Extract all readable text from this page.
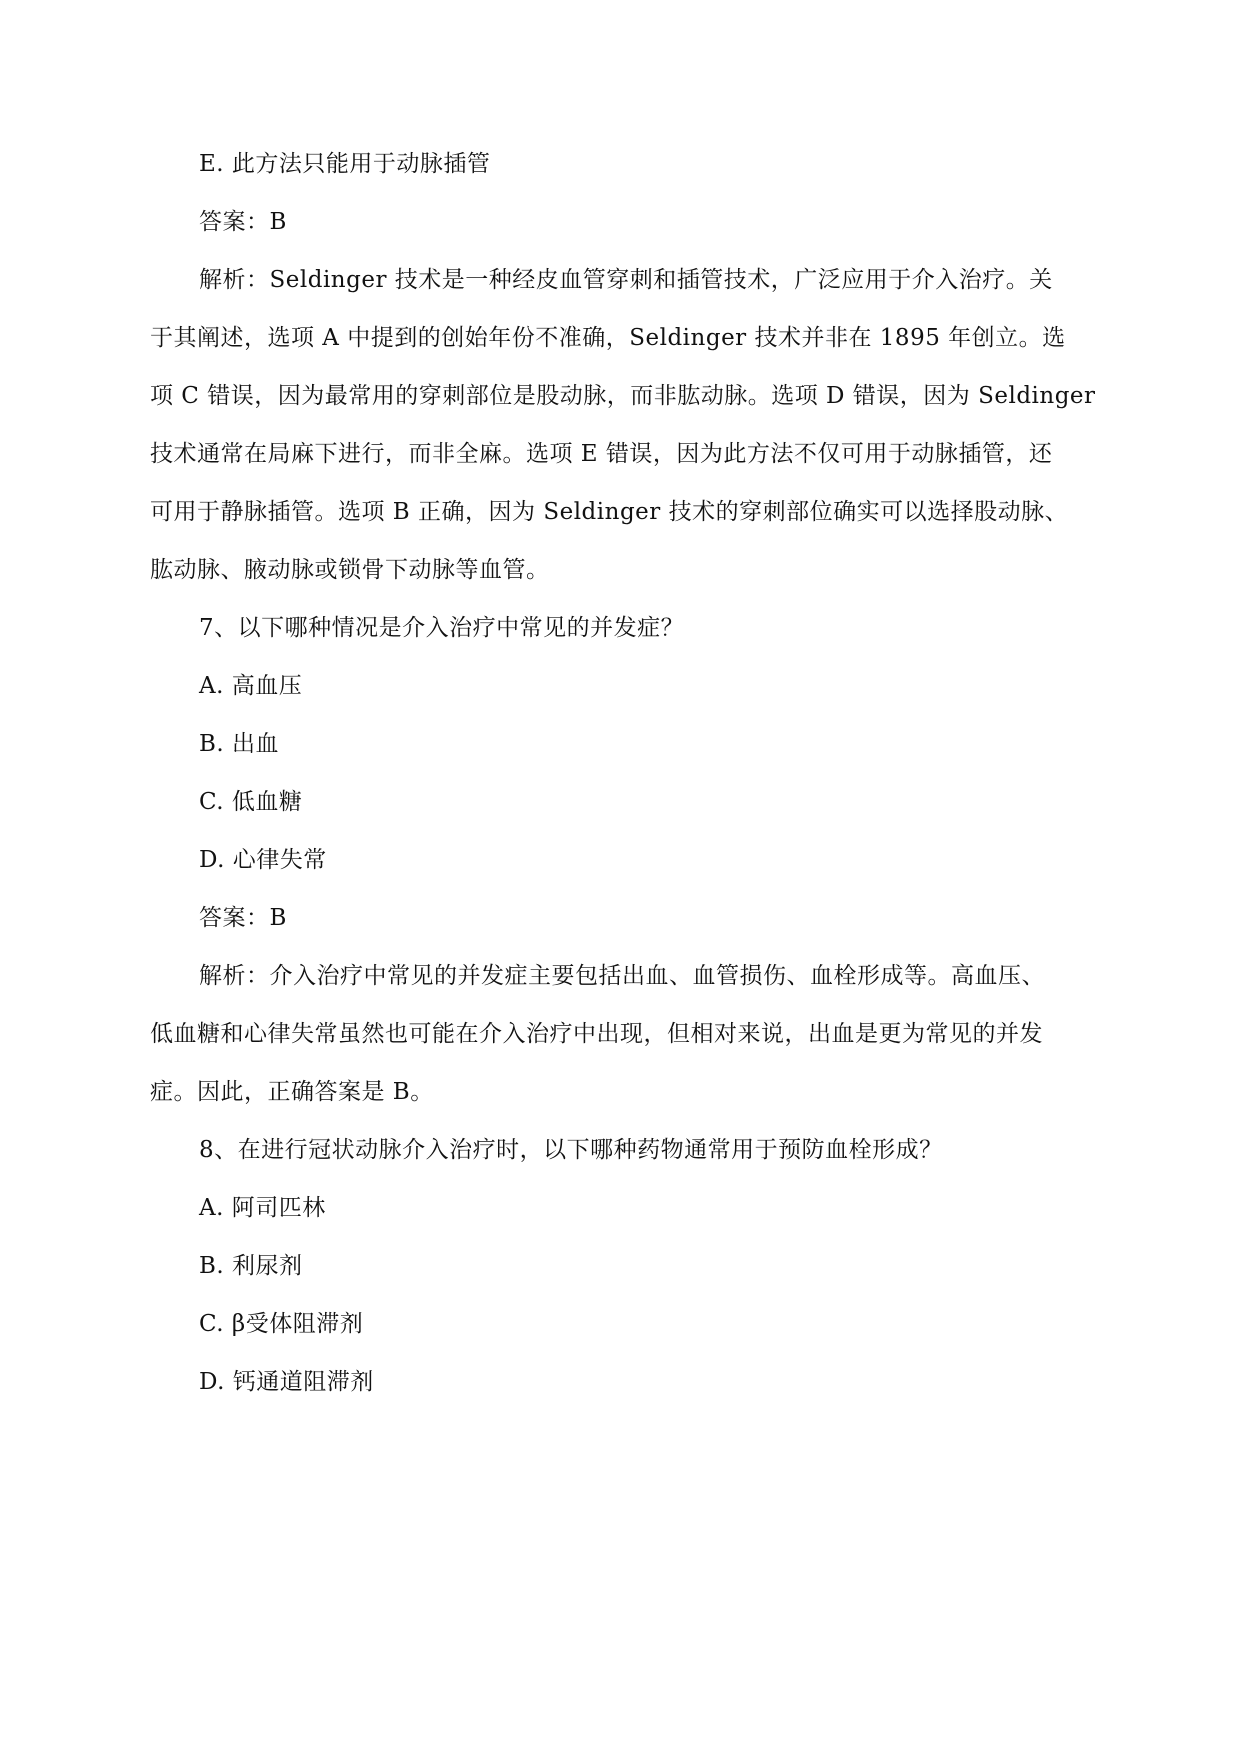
E. 此方法只能用于动脉插管
答案：B
解析：Seldinger 技术是一种经皮血管穿刺和插管技术，广泛应用于介入治疗。关
于其阐述，选项 A 中提到的创始年份不准确，Seldinger 技术并非在 1895 年创立。选
项 C 错误，因为最常用的穿刺部位是股动脉，而非肱动脉。选项 D 错误，因为 Seldinger
技术通常在局麻下进行，而非全麻。选项 E 错误，因为此方法不仅可用于动脉插管，还
可用于静脉插管。选项 B 正确，因为 Seldinger 技术的穿刺部位确实可以选择股动脉、
肱动脉、腋动脉或锁骨下动脉等血管。
7、以下哪种情况是介入治疗中常见的并发症？
A. 高血压
B. 出血
C. 低血糖
D. 心律失常
答案：B
解析：介入治疗中常见的并发症主要包括出血、血管损伤、血栓形成等。高血压、
低血糖和心律失常虽然也可能在介入治疗中出现，但相对来说，出血是更为常见的并发
症。因此，正确答案是 B。
8、在进行冠状动脉介入治疗时，以下哪种药物通常用于预防血栓形成？
A. 阿司匹林
B. 利尿剂
C. β受体阻滞剂
D. 钙通道阻滞剂
